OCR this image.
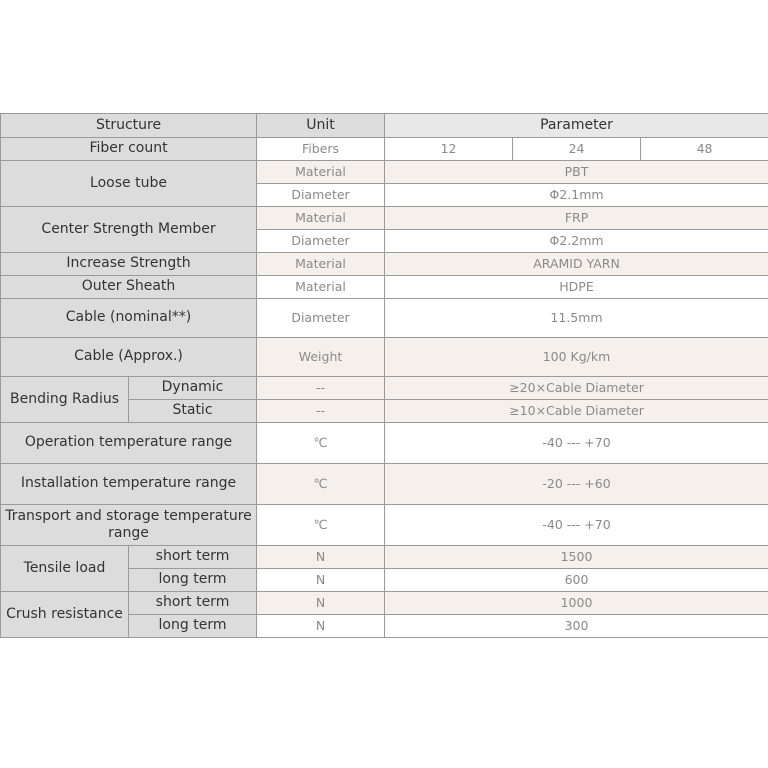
Structure		Unit	Parameter		
Fiber count		Fibers	12	24	48
Loose tube		Material	PBT		
		Diameter	Φ2.1mm		
Center Strength Member		Material	FRP		
		Diameter	Φ2.2mm		
Increase Strength		Material	ARAMID YARN		
Outer Sheath		Material	HDPE		
Cable (nominal**)		Diameter	11.5mm		
Cable (Approx.)		Weight	100 Kg/km		
Bending Radius	Dynamic	--	≥20×Cable Diameter		
	Static	--	≥10×Cable Diameter		
Operation temperature range		℃	-40 --- +70		
Installation temperature range		℃	-20 --- +60		
Transport and storage temperature range		℃	-40 --- +70		
Tensile load	short term	N	1500		
	long term	N	600		
Crush resistance	short term	N	1000		
	long term	N	300		
